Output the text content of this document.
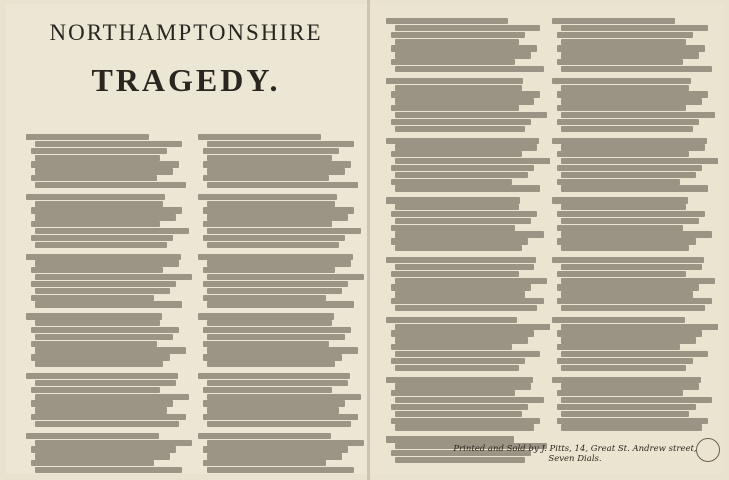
NORTHAMPTONSHIRE
TRAGEDY.
Printed and Sold by J. Pitts, 14, Great St. Andrew street, Seven Dials.
